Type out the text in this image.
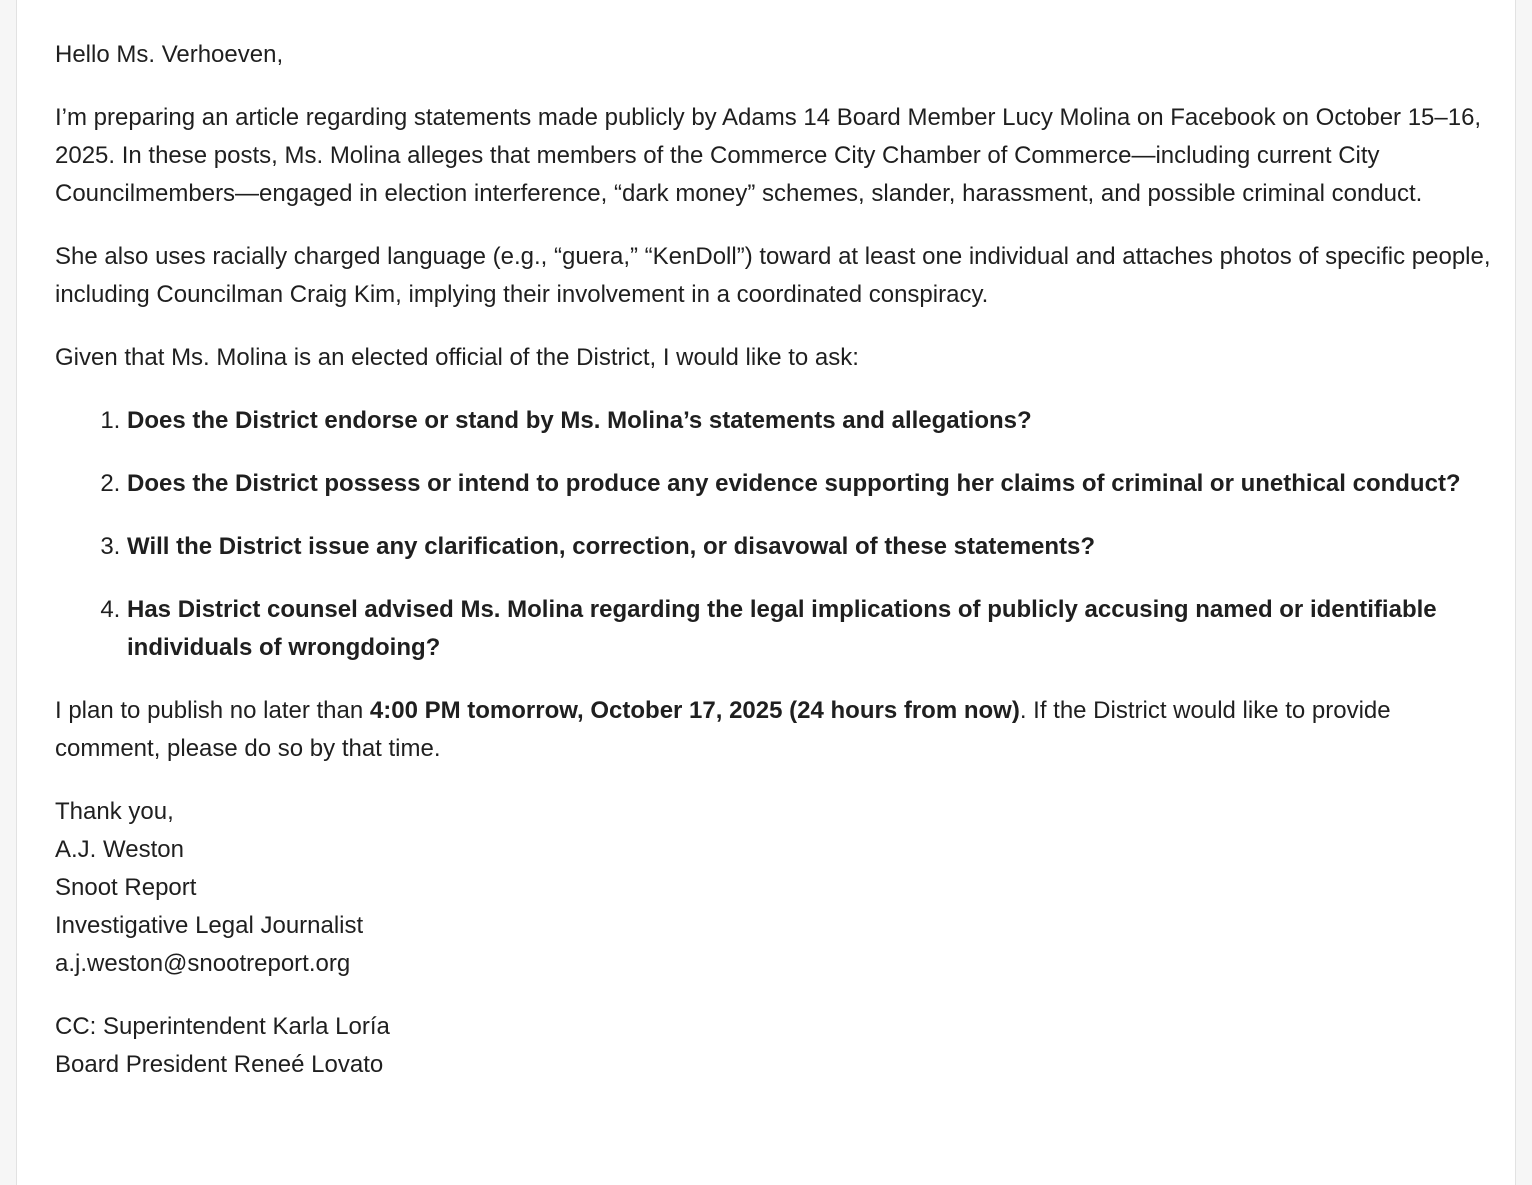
Hello Ms. Verhoeven,

I’m preparing an article regarding statements made publicly by Adams 14 Board Member Lucy Molina on Facebook on October 15–16, 2025. In these posts, Ms. Molina alleges that members of the Commerce City Chamber of Commerce—including current City Councilmembers—engaged in election interference, “dark money” schemes, slander, harassment, and possible criminal conduct.

She also uses racially charged language (e.g., “guera,” “KenDoll”) toward at least one individual and attaches photos of specific people, including Councilman Craig Kim, implying their involvement in a coordinated conspiracy.

Given that Ms. Molina is an elected official of the District, I would like to ask:

1. Does the District endorse or stand by Ms. Molina’s statements and allegations?
2. Does the District possess or intend to produce any evidence supporting her claims of criminal or unethical conduct?
3. Will the District issue any clarification, correction, or disavowal of these statements?
4. Has District counsel advised Ms. Molina regarding the legal implications of publicly accusing named or identifiable individuals of wrongdoing?

I plan to publish no later than 4:00 PM tomorrow, October 17, 2025 (24 hours from now). If the District would like to provide comment, please do so by that time.

Thank you,
A.J. Weston
Snoot Report
Investigative Legal Journalist
a.j.weston@snootreport.org
CC: Superintendent Karla Loría
Board President Reneé Lovato
